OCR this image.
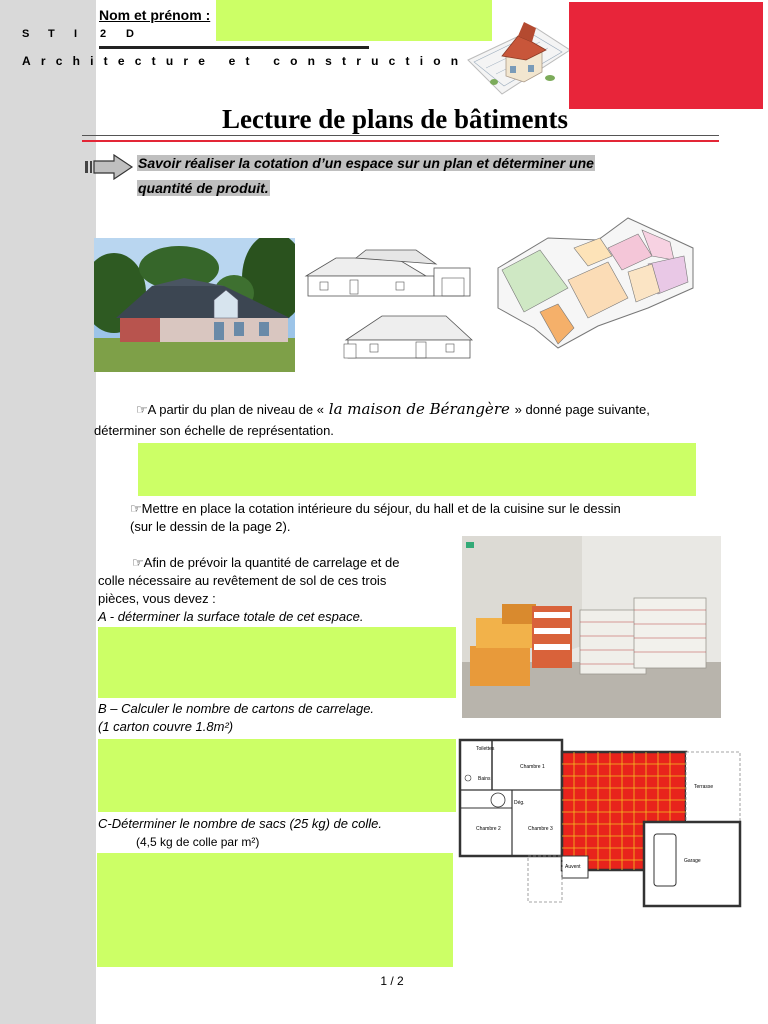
Nom et prénom :
S T I 2 D
Architecture et construction
Lecture de plans de bâtiments
Savoir réaliser la cotation d’un espace sur un plan et déterminer une
quantité de produit.
☞A partir du plan de niveau de « la maison de Bérangère » donné page suivante,
déterminer son échelle de représentation.
☞Mettre en place la cotation intérieure du séjour, du hall et de la cuisine sur le dessin
(sur le dessin de la page 2).
☞Afin de prévoir la quantité de carrelage et de
colle nécessaire au revêtement de sol de ces trois
pièces, vous devez :
A - déterminer la surface totale de cet espace.
B – Calculer le nombre de cartons de carrelage.
(1 carton couvre 1.8m²)
C-Déterminer le nombre de sacs (25 kg) de colle.
(4,5 kg de colle par m²)
Toilettes
Bains
Chambre 1
Chambre 2	Chambre 3
Dég.
Terrasse
Garage
Auvent
1 / 2
